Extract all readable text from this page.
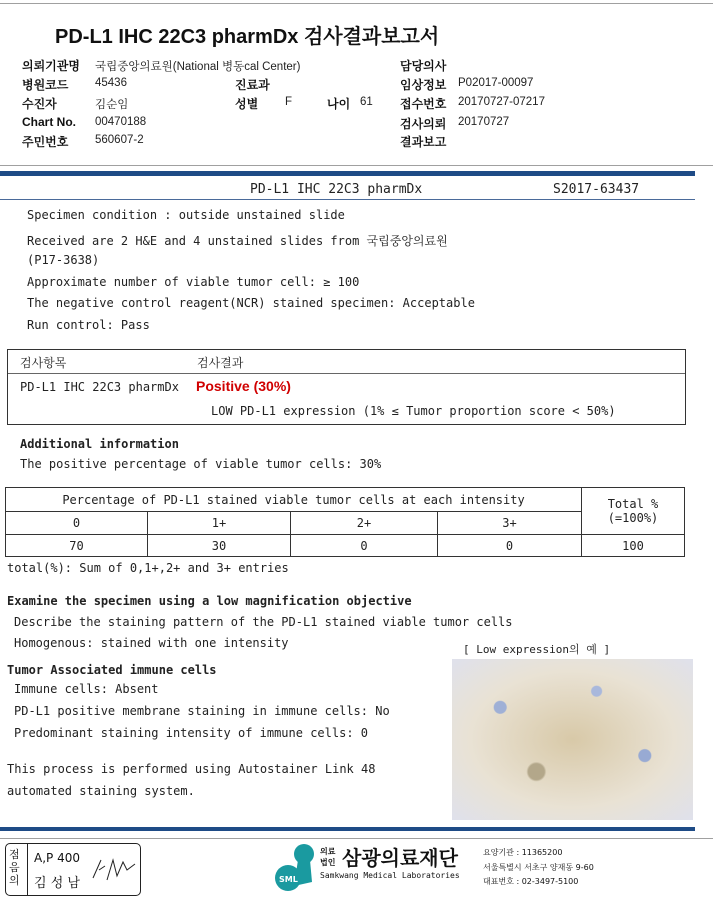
PD-L1 IHC 22C3 pharmDx 검사결과보고서
의뢰기관명 국립중앙의료원(National 병동cal Center)
병원코드 45436
수진자	김순임
Chart No. 00470188
주민번호 560607-2
진료과
성별 F	나이 61
담당의사
임상정보 P02017-00097
접수번호 20170727-07217
검사의뢰 20170727
결과보고
PD-L1 IHC 22C3 pharmDx	S2017-63437
Specimen condition : outside unstained slide
Received are 2 H&E and 4 unstained slides from 국립중앙의료원
(P17-3638)
Approximate number of viable tumor cell: ≥ 100
The negative control reagent(NCR) stained specimen: Acceptable
Run control: Pass
검사항목	검사결과
PD-L1 IHC 22C3 pharmDx Positive (30%)
LOW PD-L1 expression (1% ≤ Tumor proportion score < 50%)
Additional information
The positive percentage of viable tumor cells: 30%
Percentage of PD-L1 stained viable tumor cells at each intensity				Total %
(=100%)
0	1+	2+	3+	
70	30	0	0	100
total(%): Sum of 0,1+,2+ and 3+ entries
Examine the specimen using a low magnification objective
Describe the staining pattern of the PD-L1 stained viable tumor cells
Homogenous: stained with one intensity
Tumor Associated immune cells
Immune cells: Absent
PD-L1 positive membrane staining in immune cells: No
Predominant staining intensity of immune cells: 0
This process is performed using Autostainer Link 48
automated staining system.
[ Low expression의 예 ]
점음의
A,P 400
김 성 남	SML
의료
법인 삼광의료재단
Samkwang Medical Laboratories
요양기관 : 11365200
서울특별시 서초구 양재동 9-60
대표번호 : 02-3497-5100
